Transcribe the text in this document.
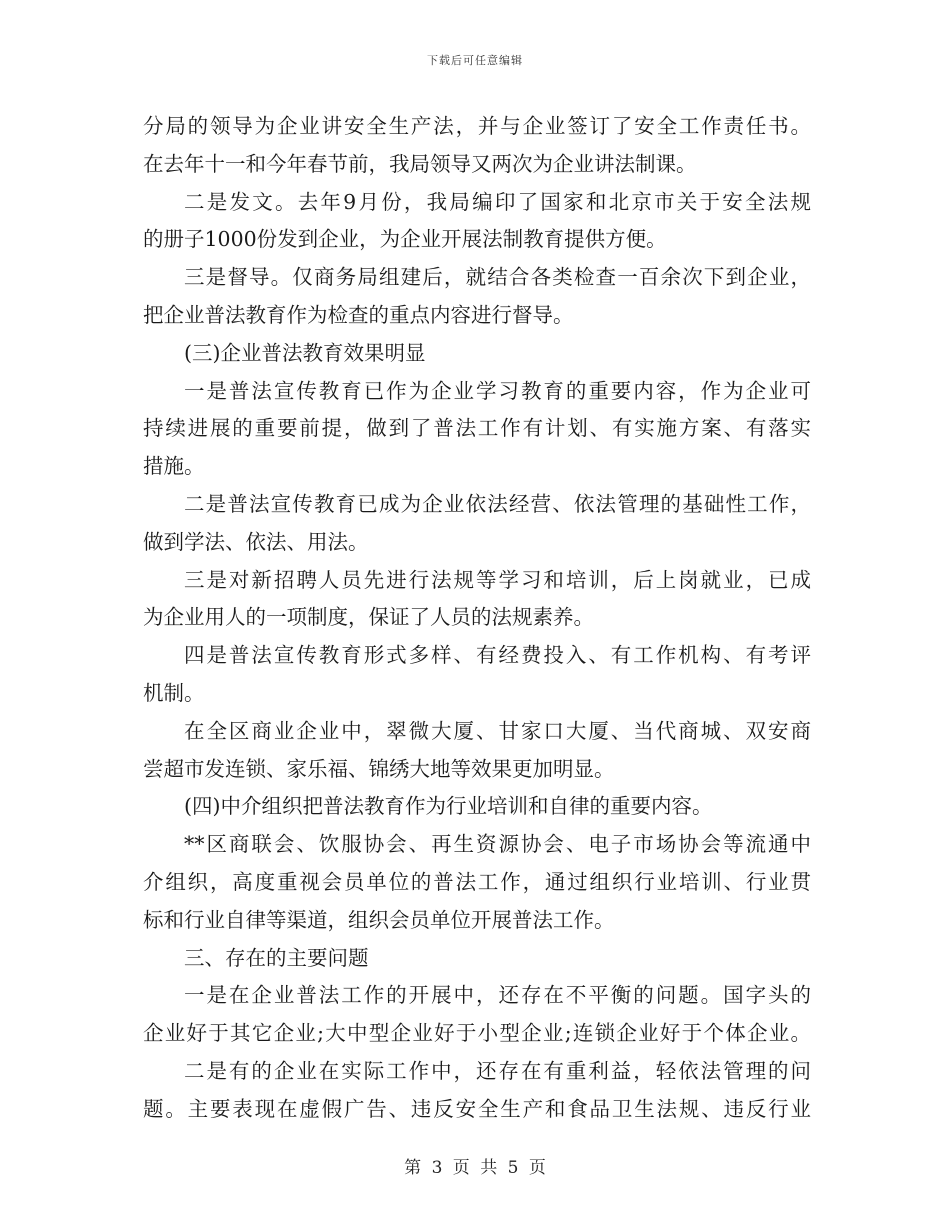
下载后可任意编辑
分局的领导为企业讲安全生产法，并与企业签订了安全工作责任书。
在去年十一和今年春节前，我局领导又两次为企业讲法制课。
二是发文。去年9月份，我局编印了国家和北京市关于安全法规
的册子1000份发到企业，为企业开展法制教育提供方便。
三是督导。仅商务局组建后，就结合各类检查一百余次下到企业，
把企业普法教育作为检查的重点内容进行督导。
(三)企业普法教育效果明显
一是普法宣传教育已作为企业学习教育的重要内容，作为企业可
持续进展的重要前提，做到了普法工作有计划、有实施方案、有落实
措施。
二是普法宣传教育已成为企业依法经营、依法管理的基础性工作，
做到学法、依法、用法。
三是对新招聘人员先进行法规等学习和培训，后上岗就业，已成
为企业用人的一项制度，保证了人员的法规素养。
四是普法宣传教育形式多样、有经费投入、有工作机构、有考评
机制。
在全区商业企业中，翠微大厦、甘家口大厦、当代商城、双安商
尝超市发连锁、家乐福、锦绣大地等效果更加明显。
(四)中介组织把普法教育作为行业培训和自律的重要内容。
**区商联会、饮服协会、再生资源协会、电子市场协会等流通中
介组织，高度重视会员单位的普法工作，通过组织行业培训、行业贯
标和行业自律等渠道，组织会员单位开展普法工作。
三、存在的主要问题
一是在企业普法工作的开展中，还存在不平衡的问题。国字头的
企业好于其它企业;大中型企业好于小型企业;连锁企业好于个体企业。
二是有的企业在实际工作中，还存在有重利益，轻依法管理的问
题。主要表现在虚假广告、违反安全生产和食品卫生法规、违反行业
第 3 页 共 5 页
